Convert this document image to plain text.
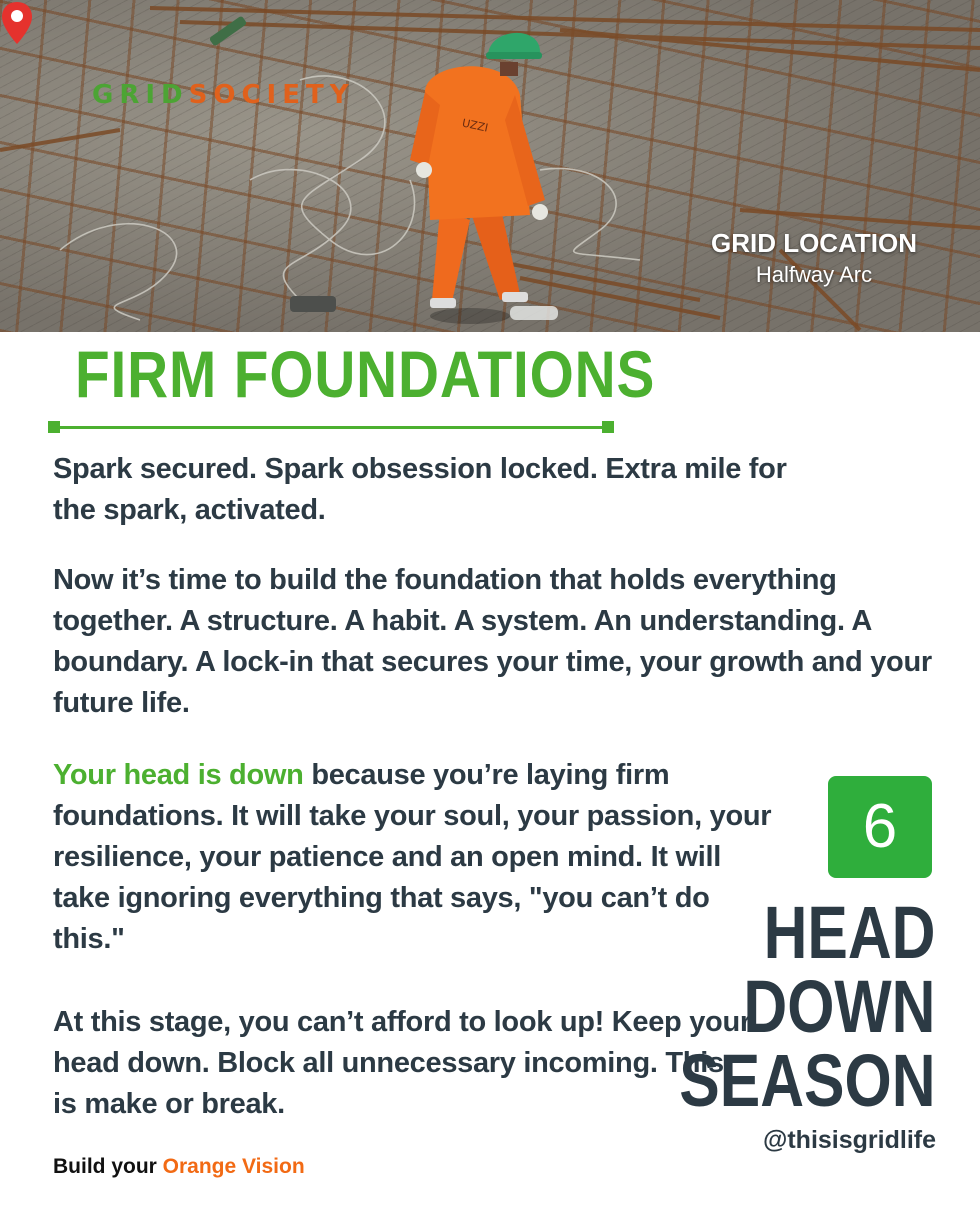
UZZI
GRIDSOCIETY
GRID LOCATION
Halfway Arc
FIRM FOUNDATIONS

Spark secured. Spark obsession locked. Extra mile for the spark, activated.

Now it’s time to build the foundation that holds everything together. A structure. A habit. A system. An understanding. A boundary. A lock-in that secures your time, your growth and your future life.

Your head is down because you’re laying firm foundations. It will take your soul, your passion, your resilience, your patience and an open mind. It will take ignoring everything that says, "you can’t do this."

At this stage, you can’t afford to look up! Keep your head down. Block all unnecessary incoming. This is make or break.

Build your Orange Vision

6
HEAD
DOWN
SEASON
@thisisgridlife
